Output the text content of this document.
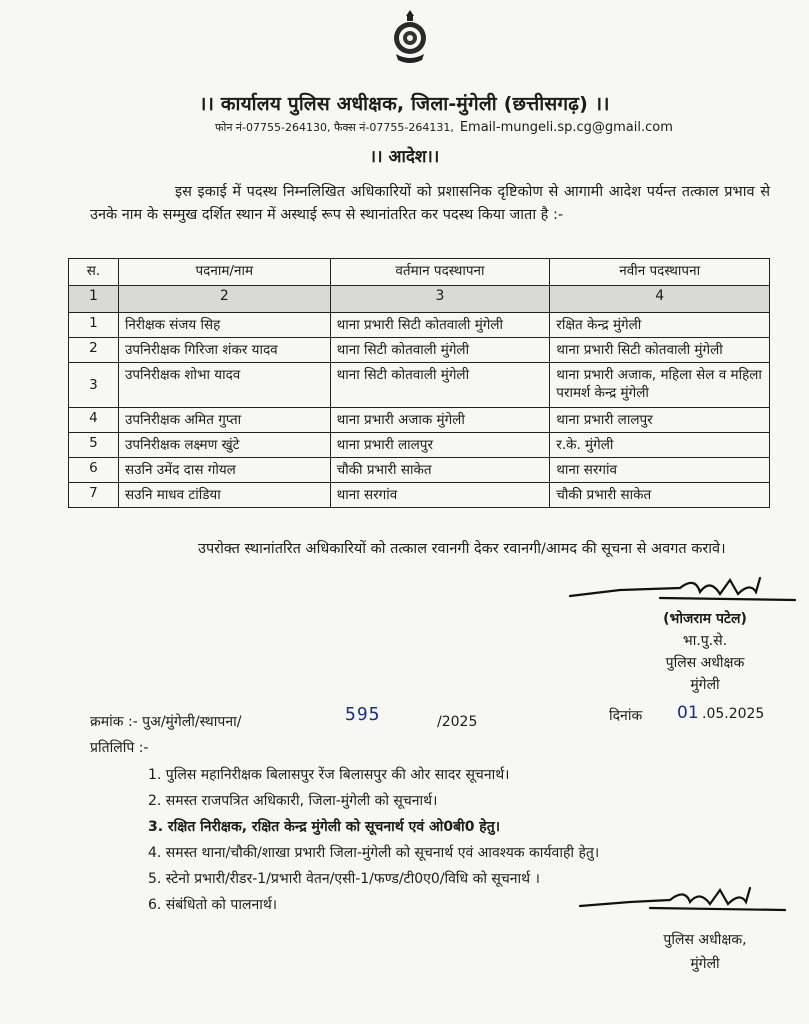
।। कार्यालय पुलिस अधीक्षक, जिला-मुंगेली (छत्तीसगढ़) ।।
फोन नं-07755-264130, फैक्स नं-07755-264131, Email-mungeli.sp.cg@gmail.com
।। आदेश।।
इस इकाई में पदस्थ निम्नलिखित अधिकारियों को प्रशासनिक दृष्टिकोण से आगामी आदेश पर्यन्त तत्काल प्रभाव से उनके नाम के सम्मुख दर्शित स्थान में अस्थाई रूप से स्थानांतरित कर पदस्थ किया जाता है :-
स.	पदनाम/नाम	वर्तमान पदस्थापना	नवीन पदस्थापना
1	2	3	4
1	निरीक्षक संजय सिह	थाना प्रभारी सिटी कोतवाली मुंगेली	रक्षित केन्द्र मुंगेली
2	उपनिरीक्षक गिरिजा शंकर यादव	थाना सिटी कोतवाली मुंगेली	थाना प्रभारी सिटी कोतवाली मुंगेली
3	उपनिरीक्षक शोभा यादव	थाना सिटी कोतवाली मुंगेली	थाना प्रभारी अजाक, महिला सेल व महिला परामर्श केन्द्र मुंगेली
4	उपनिरीक्षक अमित गुप्ता	थाना प्रभारी अजाक मुंगेली	थाना प्रभारी लालपुर
5	उपनिरीक्षक लक्ष्मण खुंटे	थाना प्रभारी लालपुर	र.के. मुंगेली
6	सउनि उमेंद दास गोयल	चौकी प्रभारी साकेत	थाना सरगांव
7	सउनि माधव टांडिया	थाना सरगांव	चौकी प्रभारी साकेत
उपरोक्त स्थानांतरित अधिकारियों को तत्काल रवानगी देकर रवानगी/आमद की सूचना से अवगत करावे।
(भोजराम पटेल)
भा.पु.से.
पुलिस अधीक्षक
मुंगेली
क्रमांक :- पुअ/मुंगेली/स्थापना/	595	/2025	दिनांक 01 .05.2025
प्रतिलिपि :-
1. पुलिस महानिरीक्षक बिलासपुर रेंज बिलासपुर की ओर सादर सूचनार्थ।
2. समस्त राजपत्रित अधिकारी, जिला-मुंगेली को सूचनार्थ।
3. रक्षित निरीक्षक, रक्षित केन्द्र मुंगेली को सूचनार्थ एवं ओ0बी0 हेतु।
4. समस्त थाना/चौकी/शाखा प्रभारी जिला-मुंगेली को सूचनार्थ एवं आवश्यक कार्यवाही हेतु।
5. स्टेनो प्रभारी/रीडर-1/प्रभारी वेतन/एसी-1/फण्ड/टी0ए0/विधि को सूचनार्थ ।
6. संबंधितो को पालनार्थ।
पुलिस अधीक्षक,
मुंगेली
